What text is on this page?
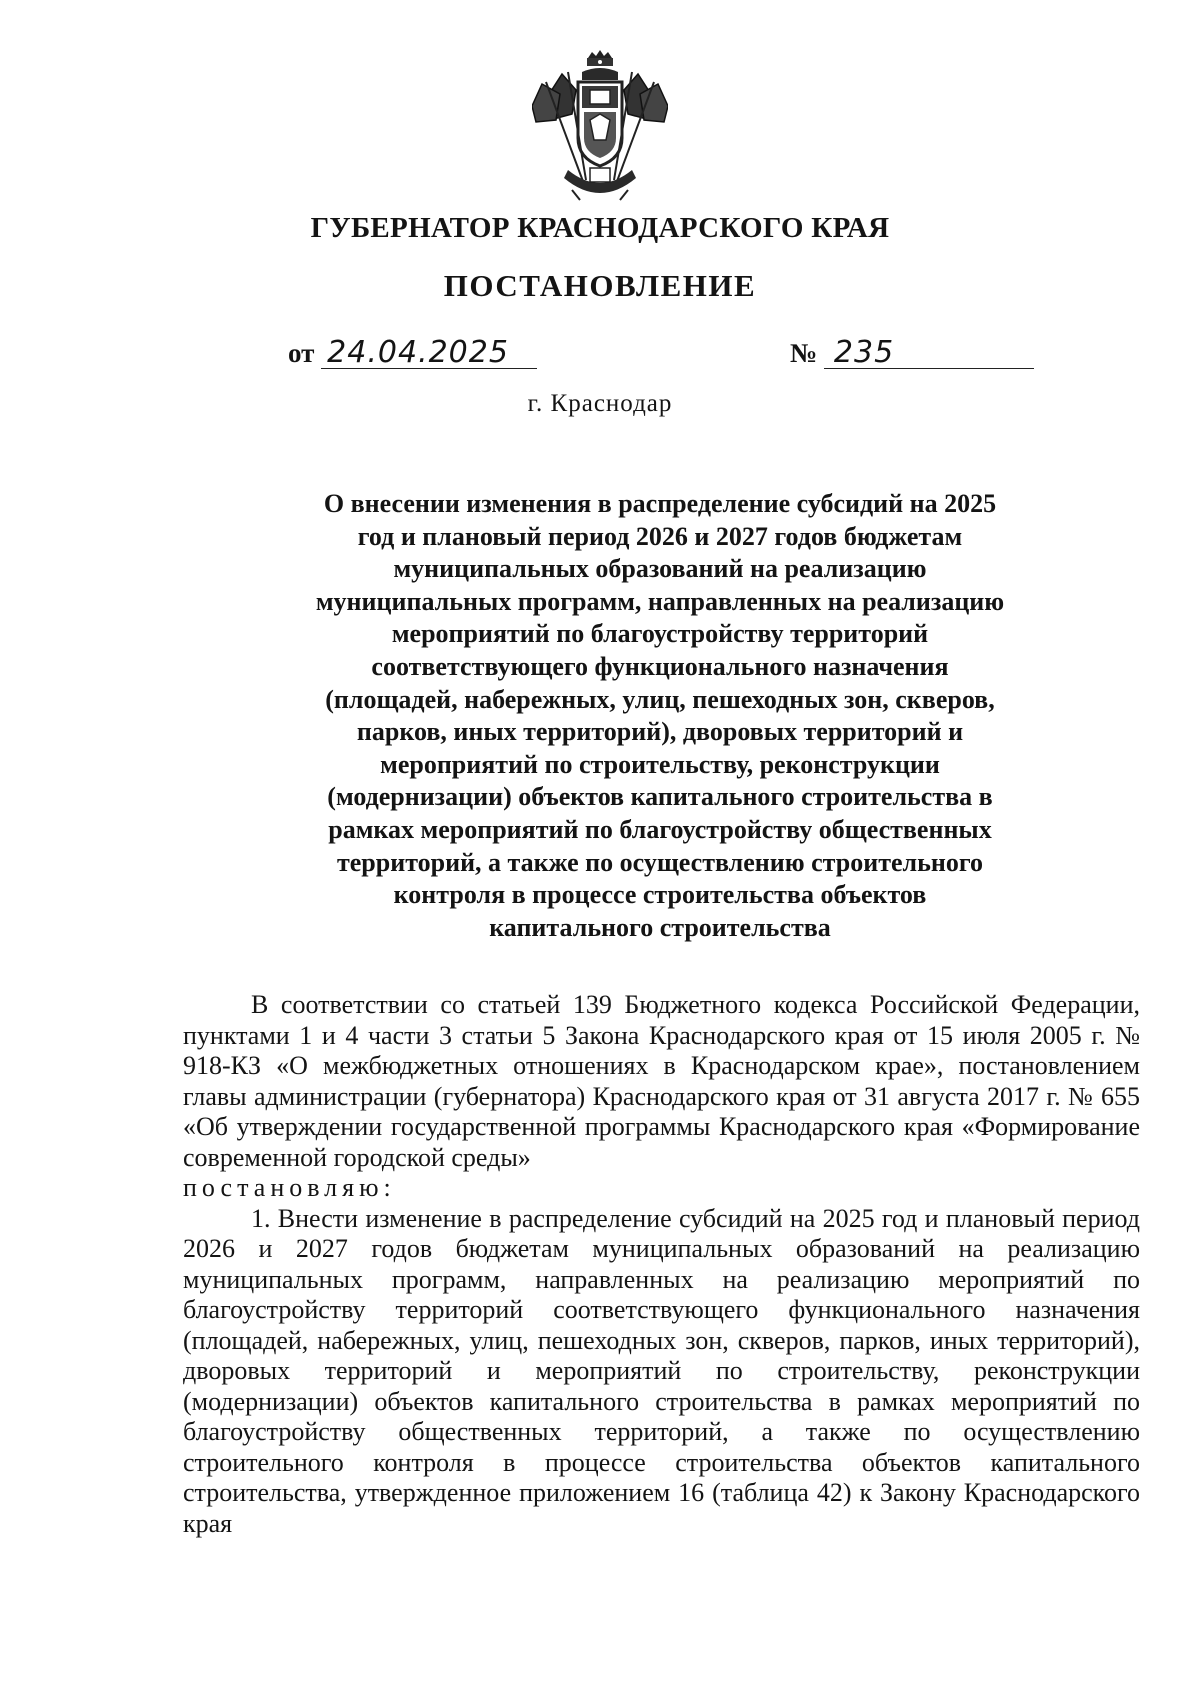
ГУБЕРНАТОР КРАСНОДАРСКОГО КРАЯ
ПОСТАНОВЛЕНИЕ
от 24.04.2025	№ 235
г. Краснодар
О внесении изменения в распределение субсидий на 2025 год и плановый период 2026 и 2027 годов бюджетам муниципальных образований на реализацию муниципальных программ, направленных на реализацию мероприятий по благоустройству территорий соответствующего функционального назначения (площадей, набережных, улиц, пешеходных зон, скверов, парков, иных территорий), дворовых территорий и мероприятий по строительству, реконструкции (модернизации) объектов капитального строительства в рамках мероприятий по благоустройству общественных территорий, а также по осуществлению строительного контроля в процессе строительства объектов капитального строительства

В соответствии со статьей 139 Бюджетного кодекса Российской Федерации, пунктами 1 и 4 части 3 статьи 5 Закона Краснодарского края от 15 июля 2005 г. № 918-КЗ «О межбюджетных отношениях в Краснодарском крае», постановлением главы администрации (губернатора) Краснодарского края от 31 августа 2017 г. № 655 «Об утверждении государственной программы Краснодарского края «Формирование современной городской среды»

постановляю:

1. Внести изменение в распределение субсидий на 2025 год и плановый период 2026 и 2027 годов бюджетам муниципальных образований на реализацию муниципальных программ, направленных на реализацию мероприятий по благоустройству территорий соответствующего функционального назначения (площадей, набережных, улиц, пешеходных зон, скверов, парков, иных территорий), дворовых территорий и мероприятий по строительству, реконструкции (модернизации) объектов капитального строительства в рамках мероприятий по благоустройству общественных территорий, а также по осуществлению строительного контроля в процессе строительства объектов капитального строительства, утвержденное приложением 16 (таблица 42) к Закону Краснодарского края
